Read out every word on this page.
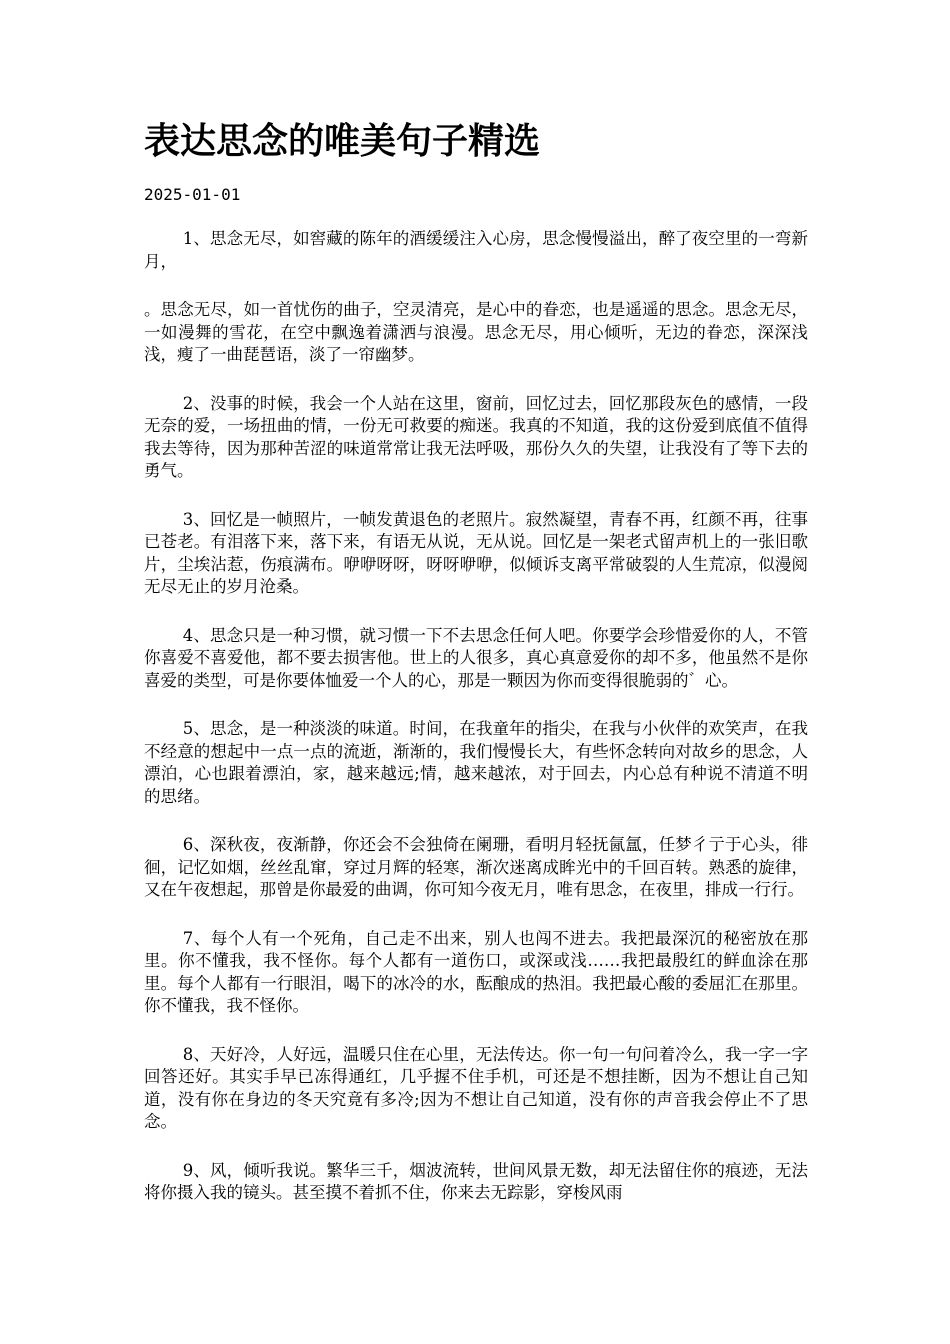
表达思念的唯美句子精选
2025-01-01

1、思念无尽，如窖藏的陈年的酒缓缓注入心房，思念慢慢溢出，醉了夜空里的一弯新月，

。思念无尽，如一首忧伤的曲子，空灵清亮，是心中的眷恋，也是遥遥的思念。思念无尽，一如漫舞的雪花，在空中飘逸着潇洒与浪漫。思念无尽，用心倾听，无边的眷恋，深深浅浅，瘦了一曲琵琶语，淡了一帘幽梦。

2、没事的时候，我会一个人站在这里，窗前，回忆过去，回忆那段灰色的感情，一段无奈的爱，一场扭曲的情，一份无可救要的痴迷。我真的不知道，我的这份爱到底值不值得我去等待，因为那种苦涩的味道常常让我无法呼吸，那份久久的失望，让我没有了等下去的勇气。

3、回忆是一帧照片，一帧发黄退色的老照片。寂然凝望，青春不再，红颜不再，往事已苍老。有泪落下来，落下来，有语无从说，无从说。回忆是一架老式留声机上的一张旧歌片，尘埃沾惹，伤痕满布。咿咿呀呀，呀呀咿咿，似倾诉支离平常破裂的人生荒凉，似漫阅无尽无止的岁月沧桑。

4、思念只是一种习惯，就习惯一下不去思念任何人吧。你要学会珍惜爱你的人，不管你喜爱不喜爱他，都不要去损害他。世上的人很多，真心真意爱你的却不多，他虽然不是你喜爱的类型，可是你要体恤爱一个人的心，那是一颗因为你而变得很脆弱的゛心。

5、思念，是一种淡淡的味道。时间，在我童年的指尖，在我与小伙伴的欢笑声，在我不经意的想起中一点一点的流逝，渐渐的，我们慢慢长大，有些怀念转向对故乡的思念，人漂泊，心也跟着漂泊，家，越来越远;情，越来越浓，对于回去，内心总有种说不清道不明的思绪。

6、深秋夜，夜渐静，你还会不会独倚在阑珊，看明月轻抚氤氲，任梦彳亍于心头，徘徊，记忆如烟，丝丝乱窜，穿过月辉的轻寒，渐次迷离成眸光中的千回百转。熟悉的旋律，又在午夜想起，那曾是你最爱的曲调，你可知今夜无月，唯有思念，在夜里，排成一行行。

7、每个人有一个死角，自己走不出来，别人也闯不进去。我把最深沉的秘密放在那里。你不懂我，我不怪你。每个人都有一道伤口，或深或浅……我把最殷红的鲜血涂在那里。每个人都有一行眼泪，喝下的冰冷的水，酝酿成的热泪。我把最心酸的委屈汇在那里。你不懂我，我不怪你。

8、天好冷，人好远，温暖只住在心里，无法传达。你一句一句问着冷么，我一字一字回答还好。其实手早已冻得通红，几乎握不住手机，可还是不想挂断，因为不想让自己知道，没有你在身边的冬天究竟有多冷;因为不想让自己知道，没有你的声音我会停止不了思念。

9、风，倾听我说。繁华三千，烟波流转，世间风景无数，却无法留住你的痕迹，无法将你摄入我的镜头。甚至摸不着抓不住，你来去无踪影，穿梭风雨
